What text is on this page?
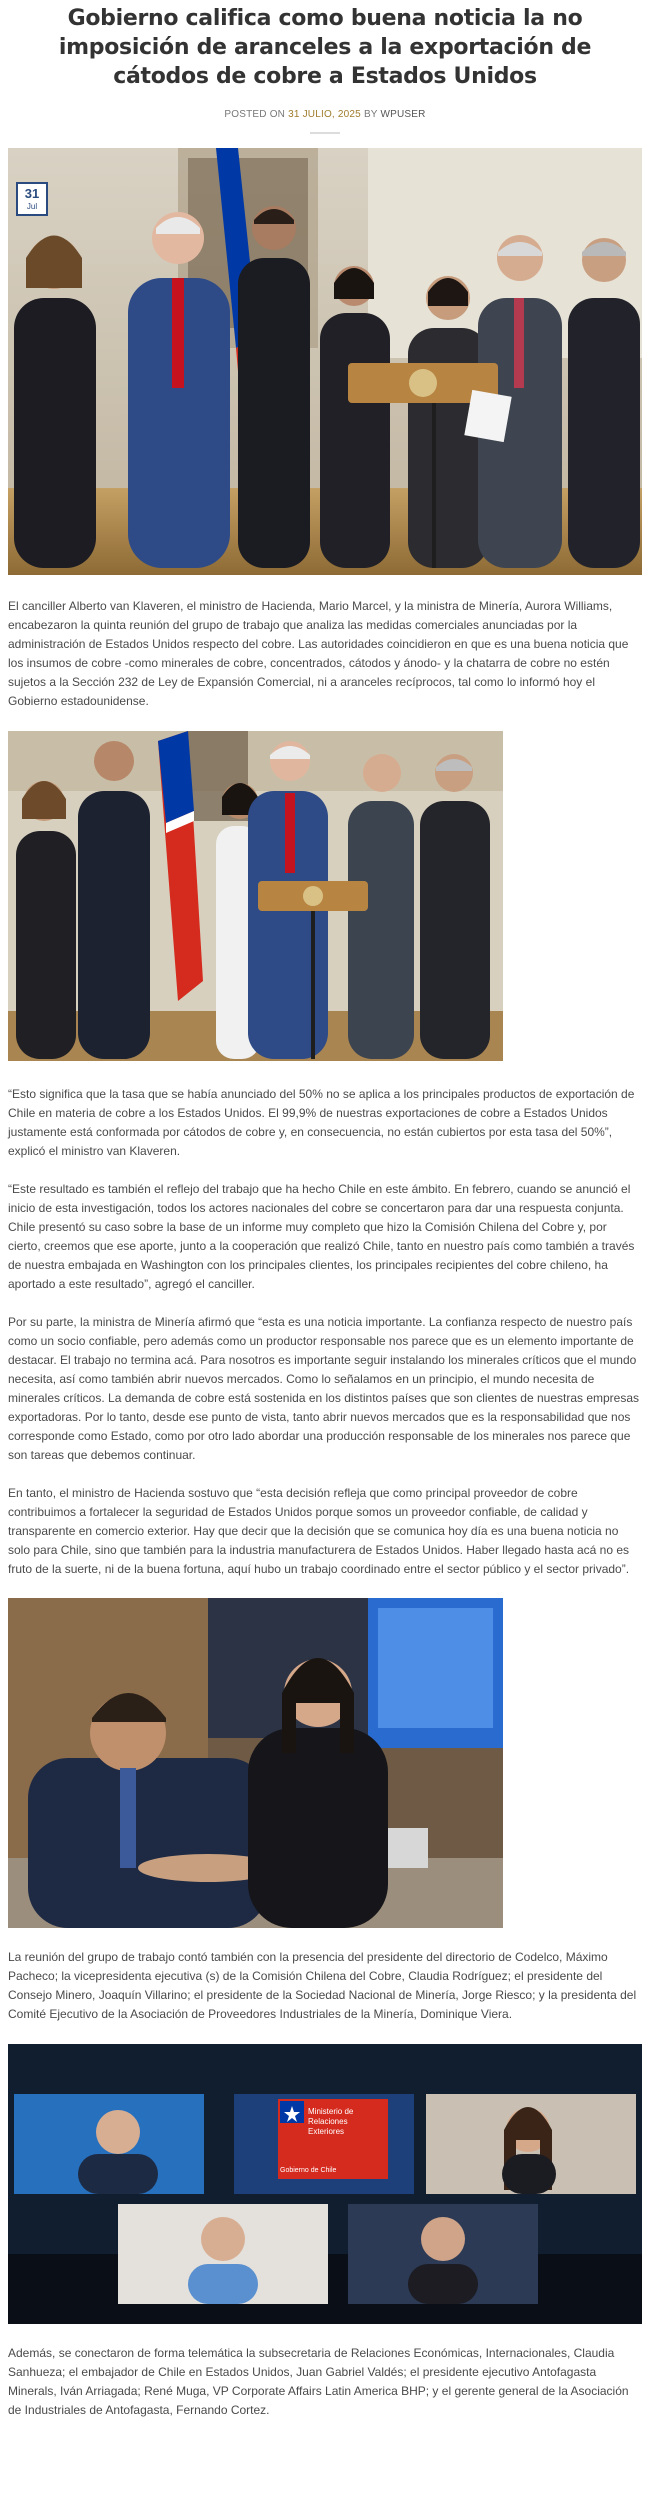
Gobierno califica como buena noticia la no imposición de aranceles a la exportación de cátodos de cobre a Estados Unidos
POSTED ON 31 JULIO, 2025 BY WPUSER
31
Jul

El canciller Alberto van Klaveren, el ministro de Hacienda, Mario Marcel, y la ministra de Minería, Aurora Williams, encabezaron la quinta reunión del grupo de trabajo que analiza las medidas comerciales anunciadas por la administración de Estados Unidos respecto del cobre. Las autoridades coincidieron en que es una buena noticia que los insumos de cobre -como minerales de cobre, concentrados, cátodos y ánodo- y la chatarra de cobre no estén sujetos a la Sección 232 de Ley de Expansión Comercial, ni a aranceles recíprocos, tal como lo informó hoy el Gobierno estadounidense.

“Esto significa que la tasa que se había anunciado del 50% no se aplica a los principales productos de exportación de Chile en materia de cobre a los Estados Unidos. El 99,9% de nuestras exportaciones de cobre a Estados Unidos justamente está conformada por cátodos de cobre y, en consecuencia, no están cubiertos por esta tasa del 50%”, explicó el ministro van Klaveren.

“Este resultado es también el reflejo del trabajo que ha hecho Chile en este ámbito. En febrero, cuando se anunció el inicio de esta investigación, todos los actores nacionales del cobre se concertaron para dar una respuesta conjunta. Chile presentó su caso sobre la base de un informe muy completo que hizo la Comisión Chilena del Cobre y, por cierto, creemos que ese aporte, junto a la cooperación que realizó Chile, tanto en nuestro país como también a través de nuestra embajada en Washington con los principales clientes, los principales recipientes del cobre chileno, ha aportado a este resultado”, agregó el canciller.

Por su parte, la ministra de Minería afirmó que “esta es una noticia importante. La confianza respecto de nuestro país como un socio confiable, pero además como un productor responsable nos parece que es un elemento importante de destacar. El trabajo no termina acá. Para nosotros es importante seguir instalando los minerales críticos que el mundo necesita, así como también abrir nuevos mercados. Como lo señalamos en un principio, el mundo necesita de minerales críticos. La demanda de cobre está sostenida en los distintos países que son clientes de nuestras empresas exportadoras. Por lo tanto, desde ese punto de vista, tanto abrir nuevos mercados que es la responsabilidad que nos corresponde como Estado, como por otro lado abordar una producción responsable de los minerales nos parece que son tareas que debemos continuar.

En tanto, el ministro de Hacienda sostuvo que “esta decisión refleja que como principal proveedor de cobre contribuimos a fortalecer la seguridad de Estados Unidos porque somos un proveedor confiable, de calidad y transparente en comercio exterior. Hay que decir que la decisión que se comunica hoy día es una buena noticia no solo para Chile, sino que también para la industria manufacturera de Estados Unidos. Haber llegado hasta acá no es fruto de la suerte, ni de la buena fortuna, aquí hubo un trabajo coordinado entre el sector público y el sector privado”.

La reunión del grupo de trabajo contó también con la presencia del presidente del directorio de Codelco, Máximo Pacheco; la vicepresidenta ejecutiva (s) de la Comisión Chilena del Cobre, Claudia Rodríguez; el presidente del Consejo Minero, Joaquín Villarino; el presidente de la Sociedad Nacional de Minería, Jorge Riesco; y la presidenta del Comité Ejecutivo de la Asociación de Proveedores Industriales de la Minería, Dominique Viera.

Ministerio de
Relaciones
Exteriores
Gobierno de Chile

Además, se conectaron de forma telemática la subsecretaria de Relaciones Económicas, Internacionales, Claudia Sanhueza; el embajador de Chile en Estados Unidos, Juan Gabriel Valdés; el presidente ejecutivo Antofagasta Minerals, Iván Arriagada; René Muga, VP Corporate Affairs Latin America BHP; y el gerente general de la Asociación de Industriales de Antofagasta, Fernando Cortez.
